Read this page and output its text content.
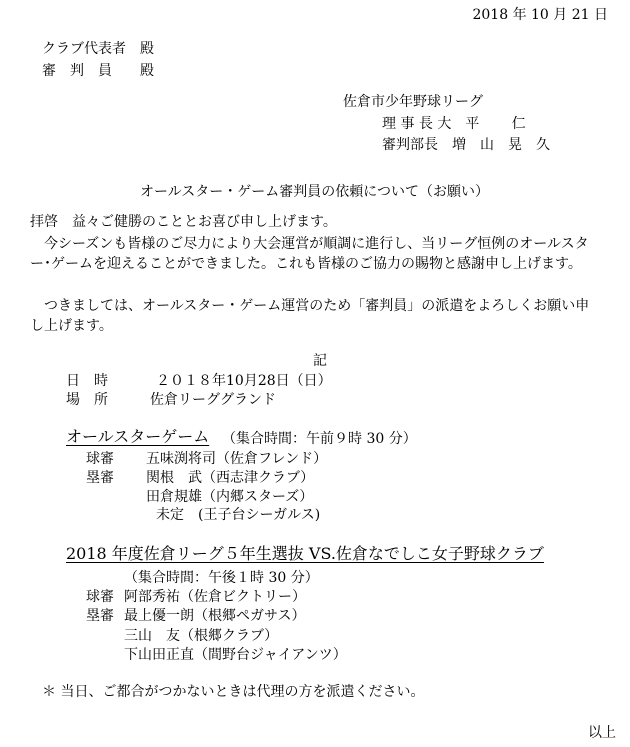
2018 年 10 月 21 日
クラブ代表者　殿
審　判　員　　殿
佐倉市少年野球リーグ
理 事 長 大　平　　 仁
審判部長　増　山　晃　久
オールスター・ゲーム審判員の依頼について（お願い）
拝啓　益々ご健勝のこととお喜び申し上げます。
　今シーズンも皆様のご尽力により大会運営が順調に進行し、当リーグ恒例のオールスター･ゲームを迎えることができました。これも皆様のご協力の賜物と感謝申し上げます。
　つきましては、オールスター・ゲーム運営のため「審判員」の派遣をよろしくお願い申し上げます。
記
日　時	２０１８年10月28日（日）
場　所	佐倉リーググランド
オールスターゲーム （集合時間：午前９時 30 分）
球審 五味渕将司（佐倉フレンド）
塁審 関根　武（西志津クラブ）
田倉規雄（内郷スターズ）
未定　(王子台シーガルス)
2018 年度佐倉リーグ５年生選抜 VS.佐倉なでしこ女子野球クラブ
（集合時間：午後１時 30 分）
球審 阿部秀祐（佐倉ビクトリー）
塁審 最上優一朗（根郷ペガサス）
三山　友（根郷クラブ）
下山田正直（間野台ジャイアンツ）
＊ 当日、ご都合がつかないときは代理の方を派遣ください。
以上
